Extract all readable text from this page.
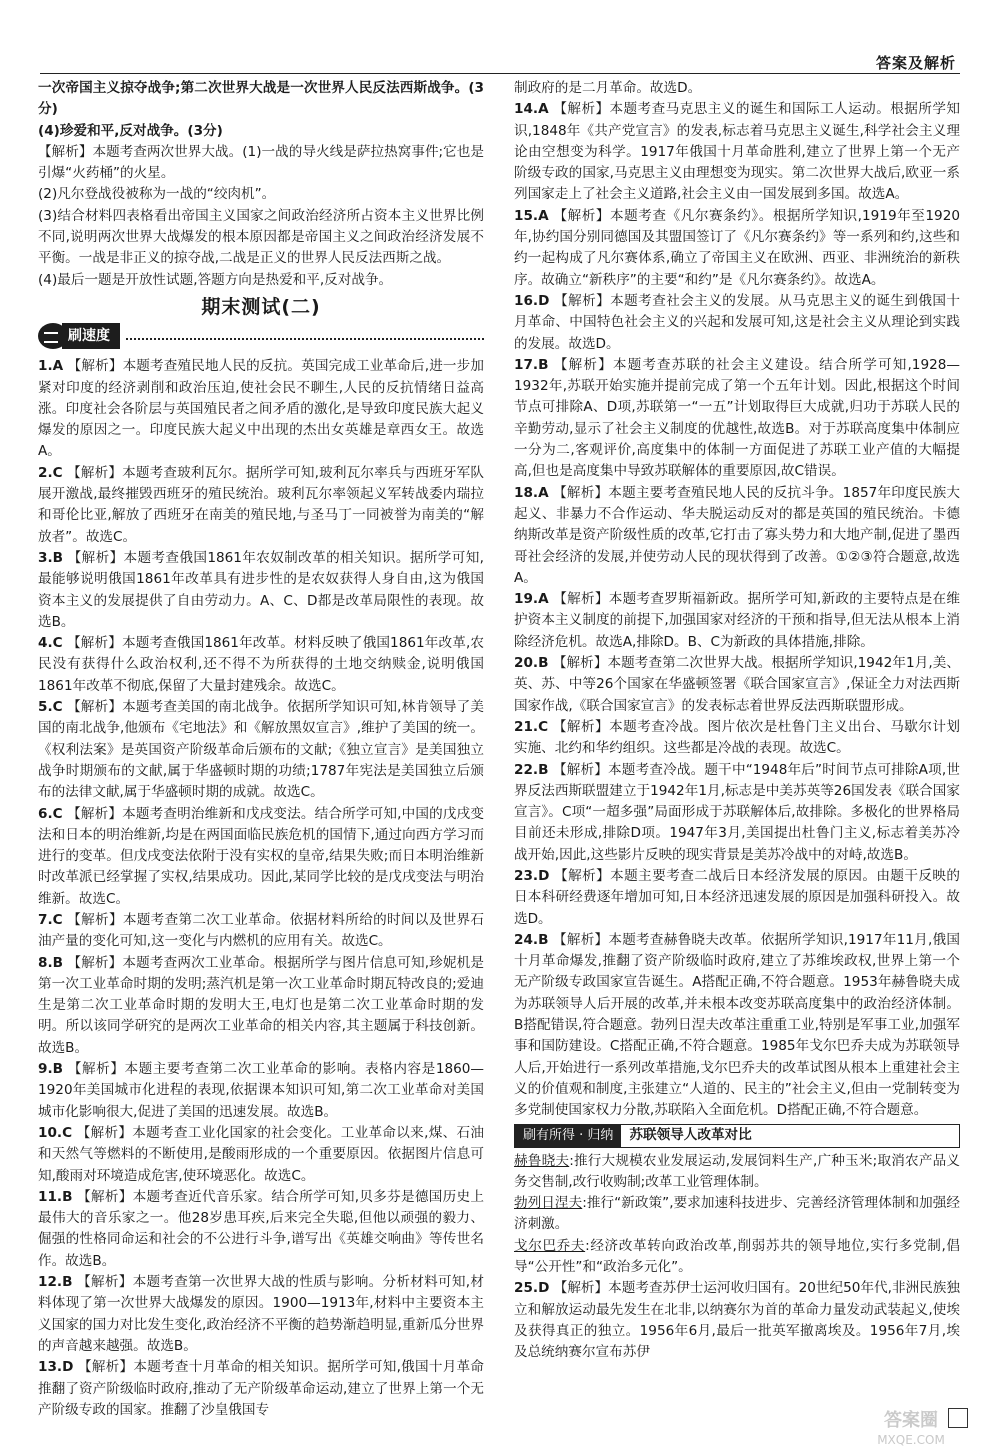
答案及解析

一次帝国主义掠夺战争;第二次世界大战是一次世界人民反法西斯战争。(3分)

(4)珍爱和平,反对战争。(3分)

【解析】本题考查两次世界大战。(1)一战的导火线是萨拉热窝事件;它也是引爆“火药桶”的火星。

(2)凡尔登战役被称为一战的“绞肉机”。

(3)结合材料四表格看出帝国主义国家之间政治经济所占资本主义世界比例不同,说明两次世界大战爆发的根本原因都是帝国主义之间政治经济发展不平衡。一战是非正义的掠夺战,二战是正义的世界人民反法西斯之战。

(4)最后一题是开放性试题,答题方向是热爱和平,反对战争。

期末测试(二)
刷速度

1.A 【解析】本题考查殖民地人民的反抗。英国完成工业革命后,进一步加紧对印度的经济剥削和政治压迫,使社会民不聊生,人民的反抗情绪日益高涨。印度社会各阶层与英国殖民者之间矛盾的激化,是导致印度民族大起义爆发的原因之一。印度民族大起义中出现的杰出女英雄是章西女王。故选A。

2.C 【解析】本题考查玻利瓦尔。据所学可知,玻利瓦尔率兵与西班牙军队展开激战,最终摧毁西班牙的殖民统治。玻利瓦尔率领起义军转战委内瑞拉和哥伦比亚,解放了西班牙在南美的殖民地,与圣马丁一同被誉为南美的“解放者”。故选C。

3.B 【解析】本题考查俄国1861年农奴制改革的相关知识。据所学可知,最能够说明俄国1861年改革具有进步性的是农奴获得人身自由,这为俄国资本主义的发展提供了自由劳动力。A、C、D都是改革局限性的表现。故选B。

4.C 【解析】本题考查俄国1861年改革。材料反映了俄国1861年改革,农民没有获得什么政治权利,还不得不为所获得的土地交纳赎金,说明俄国1861年改革不彻底,保留了大量封建残余。故选C。

5.C 【解析】本题考查美国的南北战争。依据所学知识可知,林肯领导了美国的南北战争,他颁布《宅地法》和《解放黑奴宣言》,维护了美国的统一。《权利法案》是英国资产阶级革命后颁布的文献;《独立宣言》是美国独立战争时期颁布的文献,属于华盛顿时期的功绩;1787年宪法是美国独立后颁布的法律文献,属于华盛顿时期的成就。故选C。

6.C 【解析】本题考查明治维新和戊戌变法。结合所学可知,中国的戊戌变法和日本的明治维新,均是在两国面临民族危机的国情下,通过向西方学习而进行的变革。但戊戌变法依附于没有实权的皇帝,结果失败;而日本明治维新时改革派已经掌握了实权,结果成功。因此,某同学比较的是戊戌变法与明治维新。故选C。

7.C 【解析】本题考查第二次工业革命。依据材料所给的时间以及世界石油产量的变化可知,这一变化与内燃机的应用有关。故选C。

8.B 【解析】本题考查两次工业革命。根据所学与图片信息可知,珍妮机是第一次工业革命时期的发明;蒸汽机是第一次工业革命时期瓦特改良的;爱迪生是第二次工业革命时期的发明大王,电灯也是第二次工业革命时期的发明。所以该同学研究的是两次工业革命的相关内容,其主题属于科技创新。故选B。

9.B 【解析】本题主要考查第二次工业革命的影响。表格内容是1860—1920年美国城市化进程的表现,依据课本知识可知,第二次工业革命对美国城市化影响很大,促进了美国的迅速发展。故选B。

10.C 【解析】本题考查工业化国家的社会变化。工业革命以来,煤、石油和天然气等燃料的不断使用,是酸雨形成的一个重要原因。依据图片信息可知,酸雨对环境造成危害,使环境恶化。故选C。

11.B 【解析】本题考查近代音乐家。结合所学可知,贝多芬是德国历史上最伟大的音乐家之一。他28岁患耳疾,后来完全失聪,但他以顽强的毅力、倔强的性格同命运和社会的不公进行斗争,谱写出《英雄交响曲》等传世名作。故选B。

12.B 【解析】本题考查第一次世界大战的性质与影响。分析材料可知,材料体现了第一次世界大战爆发的原因。1900—1913年,材料中主要资本主义国家的国力对比发生变化,政治经济不平衡的趋势渐趋明显,重新瓜分世界的声音越来越强。故选B。

13.D 【解析】本题考查十月革命的相关知识。据所学可知,俄国十月革命推翻了资产阶级临时政府,推动了无产阶级革命运动,建立了世界上第一个无产阶级专政的国家。推翻了沙皇俄国专

制政府的是二月革命。故选D。

14.A 【解析】本题考查马克思主义的诞生和国际工人运动。根据所学知识,1848年《共产党宣言》的发表,标志着马克思主义诞生,科学社会主义理论由空想变为科学。1917年俄国十月革命胜利,建立了世界上第一个无产阶级专政的国家,马克思主义由理想变为现实。第二次世界大战后,欧亚一系列国家走上了社会主义道路,社会主义由一国发展到多国。故选A。

15.A 【解析】本题考查《凡尔赛条约》。根据所学知识,1919年至1920年,协约国分别同德国及其盟国签订了《凡尔赛条约》等一系列和约,这些和约一起构成了凡尔赛体系,确立了帝国主义在欧洲、西亚、非洲统治的新秩序。故确立“新秩序”的主要“和约”是《凡尔赛条约》。故选A。

16.D 【解析】本题考查社会主义的发展。从马克思主义的诞生到俄国十月革命、中国特色社会主义的兴起和发展可知,这是社会主义从理论到实践的发展。故选D。

17.B 【解析】本题考查苏联的社会主义建设。结合所学可知,1928—1932年,苏联开始实施并提前完成了第一个五年计划。因此,根据这个时间节点可排除A、D项,苏联第一“一五”计划取得巨大成就,归功于苏联人民的辛勤劳动,显示了社会主义制度的优越性,故选B。对于苏联高度集中体制应一分为二,客观评价,高度集中的体制一方面促进了苏联工业产值的大幅提高,但也是高度集中导致苏联解体的重要原因,故C错误。

18.A 【解析】本题主要考查殖民地人民的反抗斗争。1857年印度民族大起义、非暴力不合作运动、华夫脱运动反对的都是英国的殖民统治。卡德纳斯改革是资产阶级性质的改革,它打击了寡头势力和大地产制,促进了墨西哥社会经济的发展,并使劳动人民的现状得到了改善。①②③符合题意,故选A。

19.A 【解析】本题考查罗斯福新政。据所学可知,新政的主要特点是在维护资本主义制度的前提下,加强国家对经济的干预和指导,但无法从根本上消除经济危机。故选A,排除D。B、C为新政的具体措施,排除。

20.B 【解析】本题考查第二次世界大战。根据所学知识,1942年1月,美、英、苏、中等26个国家在华盛顿签署《联合国家宣言》,保证全力对法西斯国家作战,《联合国家宣言》的发表标志着世界反法西斯联盟形成。

21.C 【解析】本题考查冷战。图片依次是杜鲁门主义出台、马歇尔计划实施、北约和华约组织。这些都是冷战的表现。故选C。

22.B 【解析】本题考查冷战。题干中“1948年后”时间节点可排除A项,世界反法西斯联盟建立于1942年1月,标志是中美苏英等26国发表《联合国家宣言》。C项“一超多强”局面形成于苏联解体后,故排除。多极化的世界格局目前还未形成,排除D项。1947年3月,美国提出杜鲁门主义,标志着美苏冷战开始,因此,这些影片反映的现实背景是美苏冷战中的对峙,故选B。

23.D 【解析】本题主要考查二战后日本经济发展的原因。由题干反映的日本科研经费逐年增加可知,日本经济迅速发展的原因是加强科研投入。故选D。

24.B 【解析】本题考查赫鲁晓夫改革。依据所学知识,1917年11月,俄国十月革命爆发,推翻了资产阶级临时政府,建立了苏维埃政权,世界上第一个无产阶级专政国家宣告诞生。A搭配正确,不符合题意。1953年赫鲁晓夫成为苏联领导人后开展的改革,并未根本改变苏联高度集中的政治经济体制。B搭配错误,符合题意。勃列日涅夫改革注重重工业,特别是军事工业,加强军事和国防建设。C搭配正确,不符合题意。1985年戈尔巴乔夫成为苏联领导人后,开始进行一系列改革措施,戈尔巴乔夫的改革试图从根本上重建社会主义的价值观和制度,主张建立“人道的、民主的”社会主义,但由一党制转变为多党制使国家权力分散,苏联陷入全面危机。D搭配正确,不符合题意。

刷有所得 · 归纳	苏联领导人改革对比

赫鲁晓夫:推行大规模农业发展运动,发展饲料生产,广种玉米;取消农产品义务交售制,改行收购制;改革工业管理体制。

勃列日涅夫:推行“新政策”,要求加速科技进步、完善经济管理体制和加强经济刺激。

戈尔巴乔夫:经济改革转向政治改革,削弱苏共的领导地位,实行多党制,倡导“公开性”和“政治多元化”。

25.D 【解析】本题考查苏伊士运河收归国有。20世纪50年代,非洲民族独立和解放运动最先发生在北非,以纳赛尔为首的革命力量发动武装起义,使埃及获得真正的独立。1956年6月,最后一批英军撤离埃及。1956年7月,埃及总统纳赛尔宣布苏伊

答案圈
MXQE.COM
